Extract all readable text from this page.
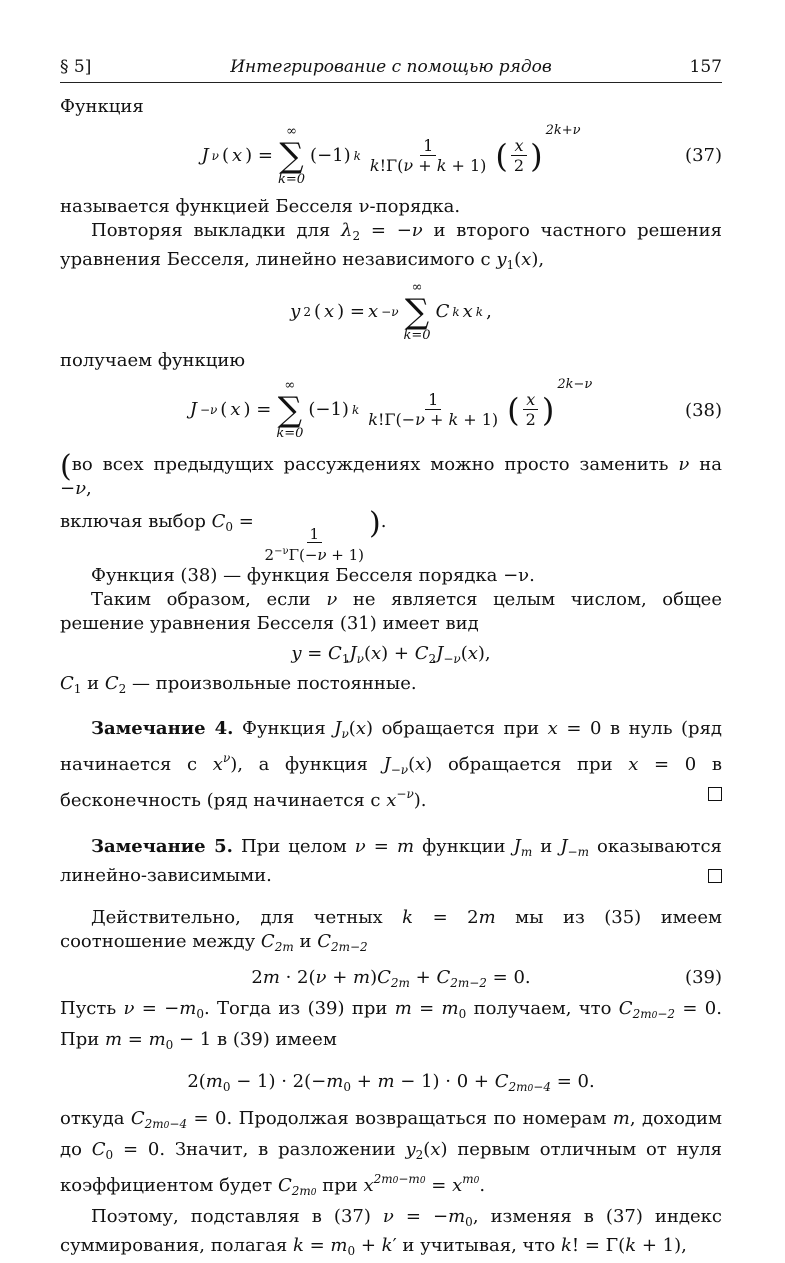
§ 5]	Интегрирование с помощью рядов	157

Функция

J ν ( x ) =
∞
∑
k=0
(−1) k $\frac{1}{k!\Gamma(\nu + k + 1)}$ ( $\frac{x}{2}$ )
2k+ν
(37)

называется функцией Бесселя ν-порядка.

Повторяя выкладки для $\lambda_2 = -\nu$ и второго частного решения уравнения Бесселя, линейно независимого с $y_1(x)$,

y 2 ( x ) = x −ν
∞
∑
k=0
C k x k ,

получаем функцию

J −ν ( x ) =
∞
∑
k=0
(−1) k $\frac{1}{k!\Gamma(-\nu + k + 1)}$ ( $\frac{x}{2}$ )
2k−ν
(38)

(во всех предыдущих рассуждениях можно просто заменить ν на −ν,

включая выбор $C_0$ =
$\frac{1}{2^{-\nu}\Gamma(-\nu + 1)}$
).

Функция (38) — функция Бесселя порядка −ν.

Таким образом, если ν не является целым числом, общее решение уравнения Бесселя (31) имеет вид

$y = C_1J_\nu(x) + C_2J_{-\nu}(x)$,

$C_1$ и $C_2$ — произвольные постоянные.

Замечание 4. Функция $J_\nu(x)$ обращается при x = 0 в нуль (ряд начинается с $x^\nu$), а функция $J_{-\nu}(x)$ обращается при x = 0 в бесконечность (ряд начинается с $x^{-\nu}$).

Замечание 5. При целом ν = m функции $J_m$ и $J_{-m}$ оказываются линейно-зависимыми.

Действительно, для четных k = 2m мы из (35) имеем соотношение между $C_{2m}$ и $C_{2m-2}$

$2m \cdot 2(\nu + m)C_{2m} + C_{2m-2} = 0$.	(39)

Пусть $\nu = -m_0$. Тогда из (39) при $m = m_0$ получаем, что $C_{2m0-2} = 0$. При $m = m_0 - 1$ в (39) имеем

$2(m_0 - 1) \cdot 2(-m_0 + m - 1) \cdot 0 + C_{2m0-4} = 0$.

откуда $C_{2m0-4} = 0$. Продолжая возвращаться по номерам m, доходим до $C_0 = 0$. Значит, в разложении $y_2(x)$ первым отличным от нуля коэффициентом будет $C_{2m0}$ при $x^{2m0-m0} = x^{m0}$.

Поэтому, подставляя в (37) $\nu = -m_0$, изменяя в (37) индекс суммирования, полагая $k = m_0 + k'$ и учитывая, что k! = Γ(k + 1),
